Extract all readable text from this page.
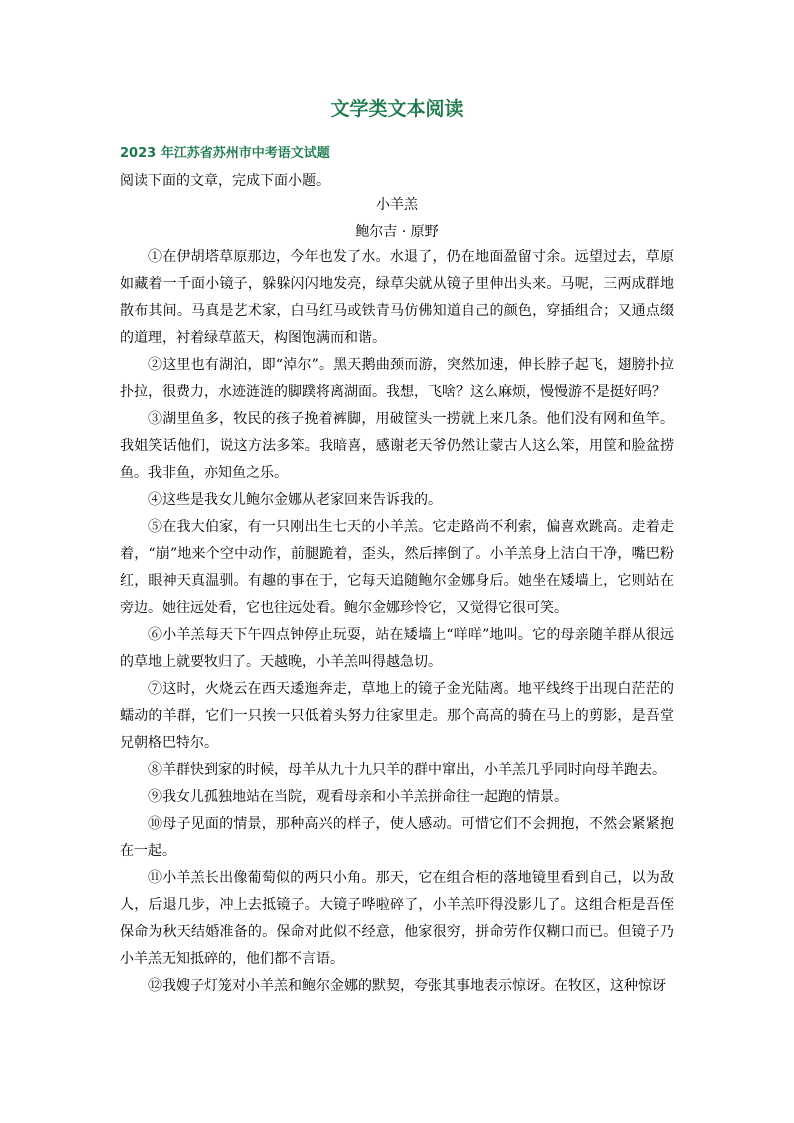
文学类文本阅读
2023 年江苏省苏州市中考语文试题
阅读下面的文章，完成下面小题。
小羊羔
鲍尔吉 · 原野

①在伊胡塔草原那边，今年也发了水。水退了，仍在地面盈留寸余。远望过去，草原如藏着一千面小镜子，躲躲闪闪地发亮，绿草尖就从镜子里伸出头来。马呢，三两成群地散布其间。马真是艺术家，白马红马或铁青马仿佛知道自己的颜色，穿插组合；又通点缀的道理，衬着绿草蓝天，构图饱满而和谐。

②这里也有湖泊，即“淖尔”。黑天鹅曲颈而游，突然加速，伸长脖子起飞，翅膀扑拉扑拉，很费力，水迹涟涟的脚蹼将离湖面。我想，飞啥？这么麻烦，慢慢游不是挺好吗？

③湖里鱼多，牧民的孩子挽着裤脚，用破筐头一捞就上来几条。他们没有网和鱼竿。我姐笑话他们，说这方法多笨。我暗喜，感谢老天爷仍然让蒙古人这么笨，用筐和脸盆捞鱼。我非鱼，亦知鱼之乐。

④这些是我女儿鲍尔金娜从老家回来告诉我的。

⑤在我大伯家，有一只刚出生七天的小羊羔。它走路尚不利索，偏喜欢跳高。走着走着，“崩”地来个空中动作，前腿跪着，歪头，然后摔倒了。小羊羔身上洁白干净，嘴巴粉红，眼神天真温驯。有趣的事在于，它每天追随鲍尔金娜身后。她坐在矮墙上，它则站在旁边。她往远处看，它也往远处看。鲍尔金娜珍怜它，又觉得它很可笑。

⑥小羊羔每天下午四点钟停止玩耍，站在矮墙上“咩咩”地叫。它的母亲随羊群从很远的草地上就要牧归了。天越晚，小羊羔叫得越急切。

⑦这时，火烧云在西天逶迤奔走，草地上的镜子金光陆离。地平线终于出现白茫茫的蠕动的羊群，它们一只挨一只低着头努力往家里走。那个高高的骑在马上的剪影，是吾堂兄朝格巴特尔。

⑧羊群快到家的时候，母羊从九十九只羊的群中窜出，小羊羔几乎同时向母羊跑去。

⑨我女儿孤独地站在当院，观看母亲和小羊羔拼命往一起跑的情景。

⑩母子见面的情景，那种高兴的样子，使人感动。可惜它们不会拥抱，不然会紧紧抱在一起。

⑪小羊羔长出像葡萄似的两只小角。那天，它在组合柜的落地镜里看到自己，以为敌人，后退几步，冲上去抵镜子。大镜子哗啦碎了，小羊羔吓得没影儿了。这组合柜是吾侄保命为秋天结婚准备的。保命对此似不经意，他家很穷，拼命劳作仅糊口而已。但镜子乃小羊羔无知抵碎的，他们都不言语。

⑫我嫂子灯笼对小羊羔和鲍尔金娜的默契，夸张其事地表示惊讶。在牧区，这种惊讶
